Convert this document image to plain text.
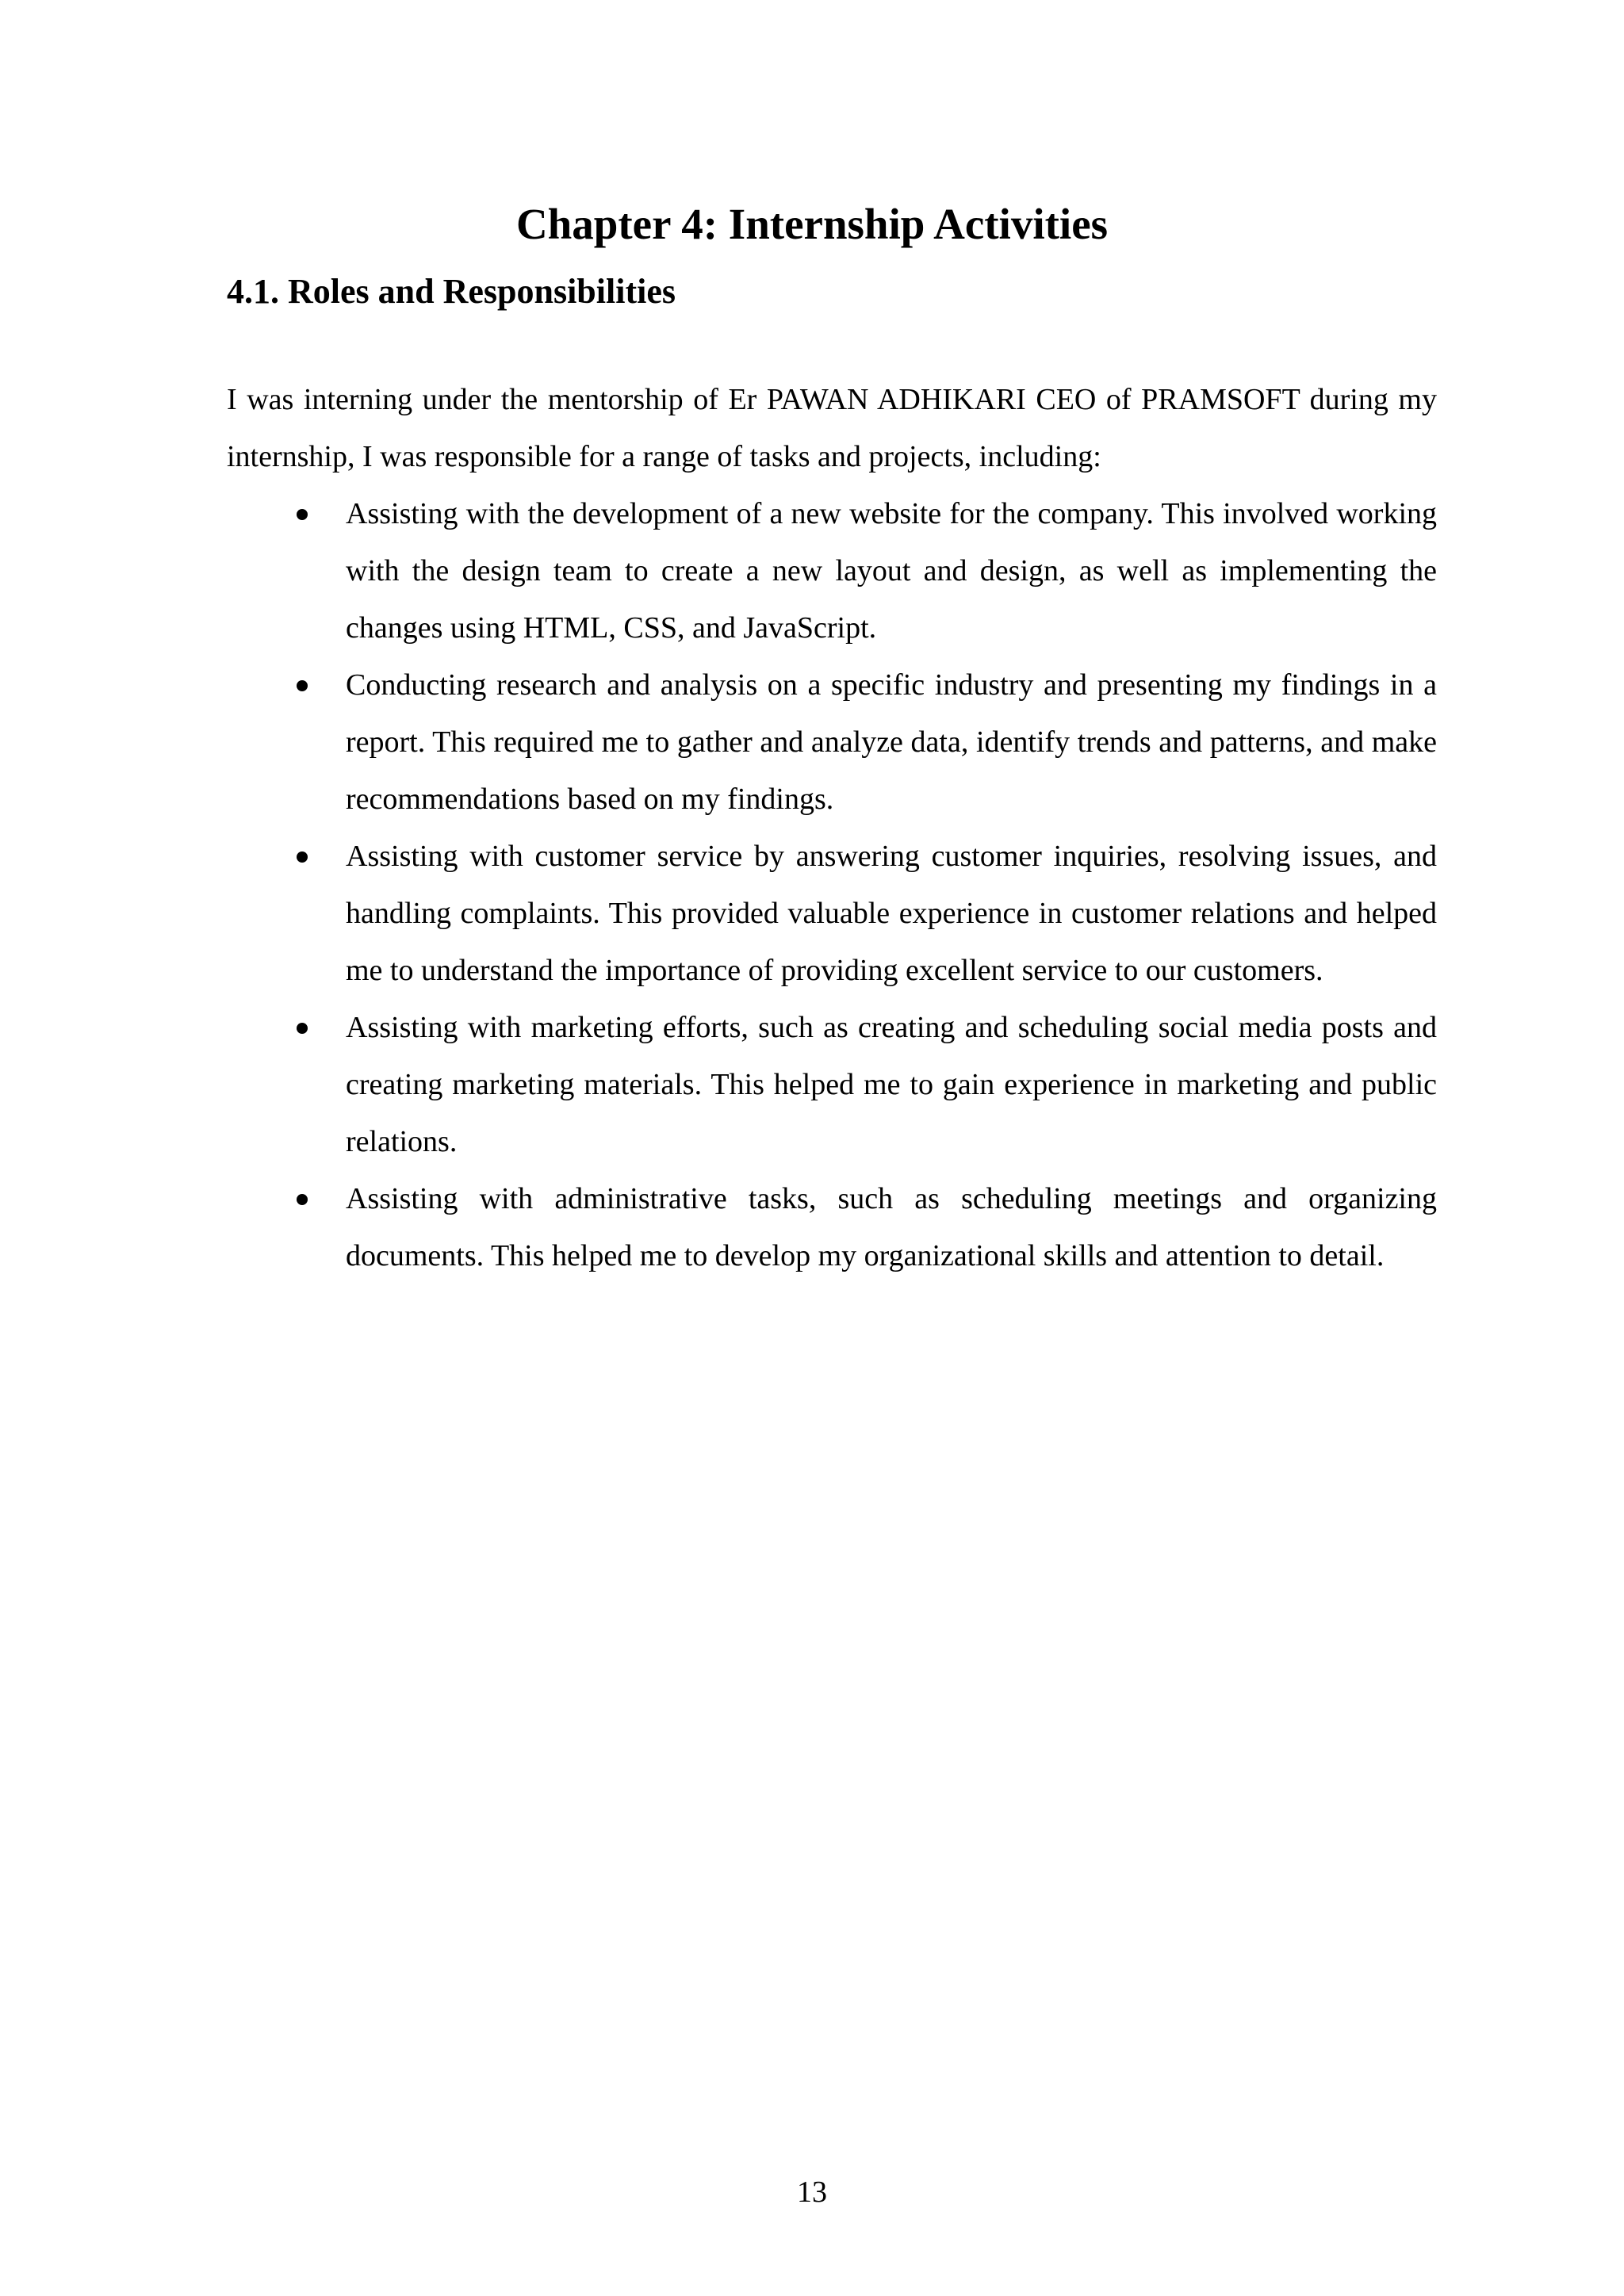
Chapter 4: Internship Activities
4.1. Roles and Responsibilities

I was interning under the mentorship of Er PAWAN ADHIKARI CEO of PRAMSOFT during my internship, I was responsible for a range of tasks and projects, including:

Assisting with the development of a new website for the company. This involved working with the design team to create a new layout and design, as well as implementing the changes using HTML, CSS, and JavaScript.
Conducting research and analysis on a specific industry and presenting my findings in a report. This required me to gather and analyze data, identify trends and patterns, and make recommendations based on my findings.
Assisting with customer service by answering customer inquiries, resolving issues, and handling complaints. This provided valuable experience in customer relations and helped me to understand the importance of providing excellent service to our customers.
Assisting with marketing efforts, such as creating and scheduling social media posts and creating marketing materials. This helped me to gain experience in marketing and public relations.
Assisting with administrative tasks, such as scheduling meetings and organizing documents. This helped me to develop my organizational skills and attention to detail.

13
